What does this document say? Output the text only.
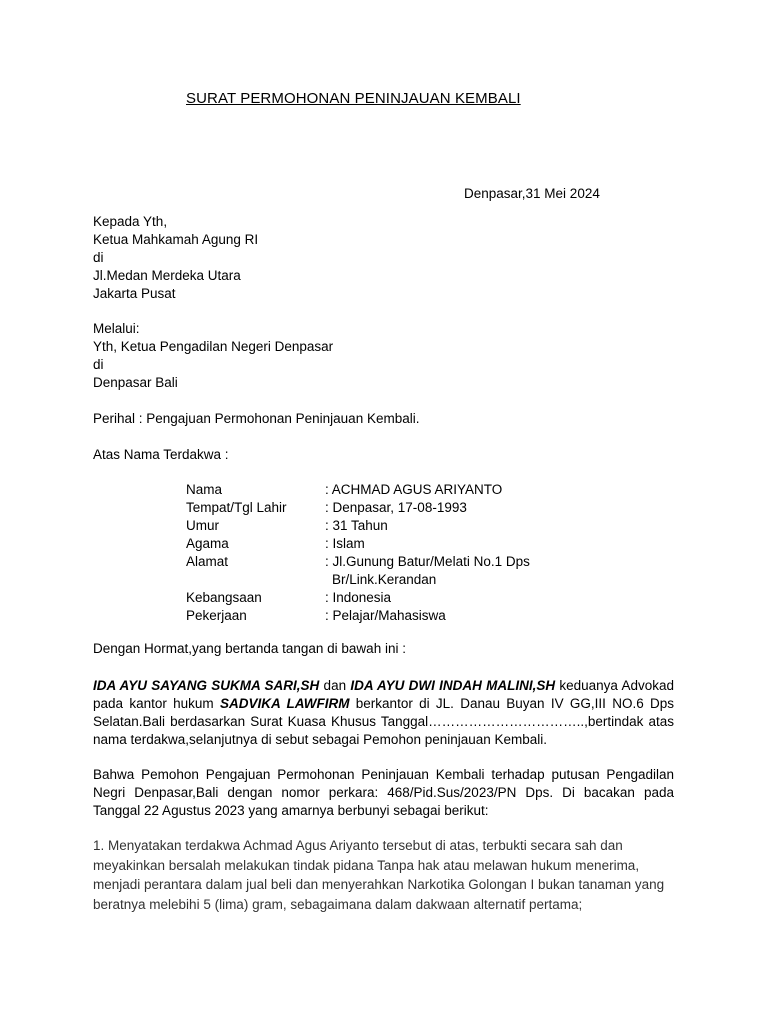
SURAT PERMOHONAN PENINJAUAN KEMBALI
Denpasar,31 Mei 2024
Kepada Yth,
Ketua Mahkamah Agung RI
di
Jl.Medan Merdeka Utara
Jakarta Pusat
Melalui:
Yth, Ketua Pengadilan Negeri Denpasar
di
Denpasar Bali
Perihal : Pengajuan Permohonan Peninjauan Kembali.
Atas Nama Terdakwa :
Nama	: ACHMAD AGUS ARIYANTO
Tempat/Tgl Lahir	: Denpasar, 17-08-1993
Umur	: 31 Tahun
Agama	: Islam
Alamat	: Jl.Gunung Batur/Melati No.1 Dps
Br/Link.Kerandan
Kebangsaan	: Indonesia
Pekerjaan	: Pelajar/Mahasiswa
Dengan Hormat,yang bertanda tangan di bawah ini :
IDA AYU SAYANG SUKMA SARI,SH dan IDA AYU DWI INDAH MALINI,SH keduanya Advokad pada kantor hukum SADVIKA LAWFIRM berkantor di JL. Danau Buyan IV GG,III NO.6 Dps Selatan.Bali berdasarkan Surat Kuasa Khusus Tanggal……………………………..,bertindak atas nama terdakwa,selanjutnya di sebut sebagai Pemohon peninjauan Kembali.
Bahwa Pemohon Pengajuan Permohonan Peninjauan Kembali terhadap putusan Pengadilan Negri Denpasar,Bali dengan nomor perkara: 468/Pid.Sus/2023/PN Dps. Di bacakan pada Tanggal 22 Agustus 2023 yang amarnya berbunyi sebagai berikut:
1. Menyatakan terdakwa Achmad Agus Ariyanto tersebut di atas, terbukti secara sah dan meyakinkan bersalah melakukan tindak pidana Tanpa hak atau melawan hukum menerima, menjadi perantara dalam jual beli dan menyerahkan Narkotika Golongan I bukan tanaman yang beratnya melebihi 5 (lima) gram, sebagaimana dalam dakwaan alternatif pertama;
